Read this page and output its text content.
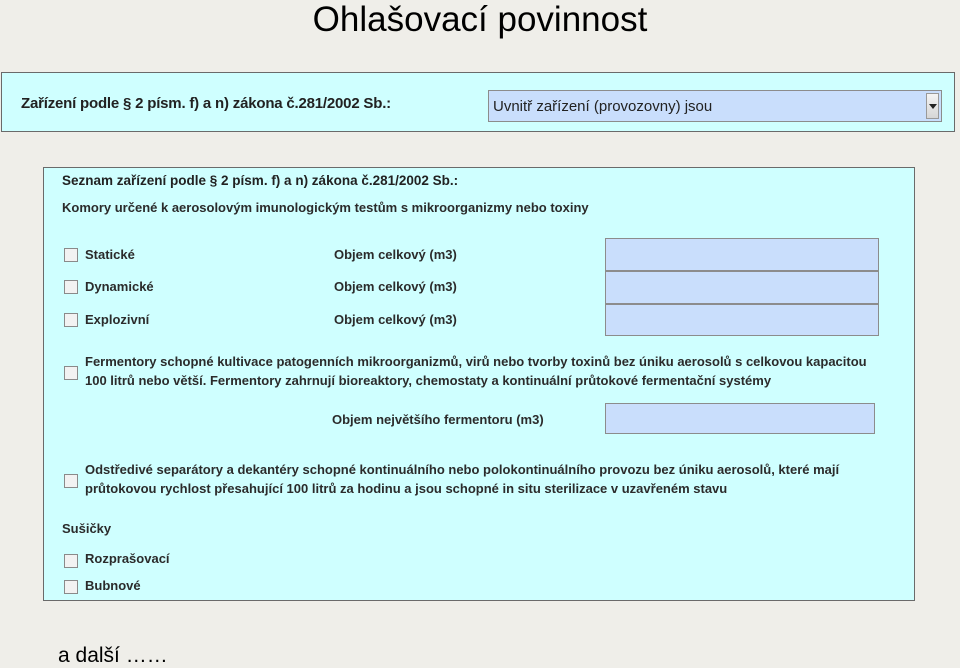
Ohlašovací povinnost
Zařízení podle § 2 písm. f) a n) zákona č.281/2002 Sb.:	Uvnitř zařízení (provozovny) jsou
Seznam zařízení podle § 2 písm. f) a n) zákona č.281/2002 Sb.:
Komory určené k aerosolovým imunologickým testům s mikroorganizmy nebo toxiny
Statické	Objem celkový (m3)
Dynamické	Objem celkový (m3)
Explozivní	Objem celkový (m3)
Fermentory schopné kultivace patogenních mikroorganizmů, virů nebo tvorby toxinů bez úniku aerosolů s celkovou kapacitou
100 litrů nebo větší. Fermentory zahrnují bioreaktory, chemostaty a kontinuální průtokové fermentační systémy
Objem největšího fermentoru (m3)
Odstředivé separátory a dekantéry schopné kontinuálního nebo polokontinuálního provozu bez úniku aerosolů, které mají
průtokovou rychlost přesahující 100 litrů za hodinu a jsou schopné in situ sterilizace v uzavřeném stavu
Sušičky
Rozprašovací
Bubnové
a další ……
